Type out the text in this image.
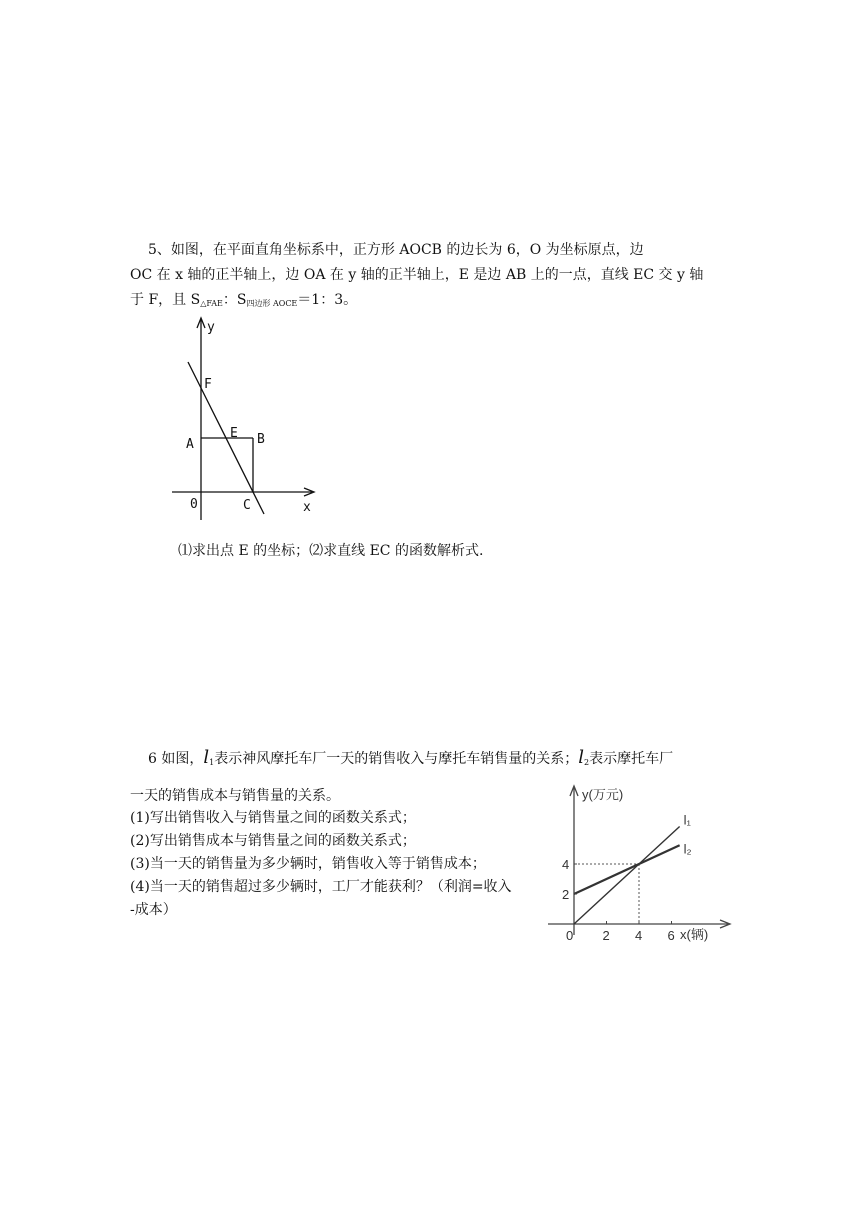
5、如图，在平面直角坐标系中，正方形 AOCB 的边长为 6，O 为坐标原点，边
OC 在 x 轴的正半轴上，边 OA 在 y 轴的正半轴上，E 是边 AB 上的一点，直线 EC 交 y 轴
于 F，且 $S_{\triangle FAE}$：$S_{四边形 AOCE}=1$：3。
y
F
A
E B
0	C	x
⑴求出点 E 的坐标；⑵求直线 EC 的函数解析式.
6 如图，$l_1$表示神风摩托车厂一天的销售收入与摩托车销售量的关系；$l_2$表示摩托车厂
一天的销售成本与销售量的关系。
(1)写出销售收入与销售量之间的函数关系式；
(2)写出销售成本与销售量之间的函数关系式；
(3)当一天的销售量为多少辆时，销售收入等于销售成本；
(4)当一天的销售超过多少辆时，工厂才能获利？（利润=收入
-成本）
l₁
l₂
0 2 4 6
2
4
y(万元)
x(辆)
